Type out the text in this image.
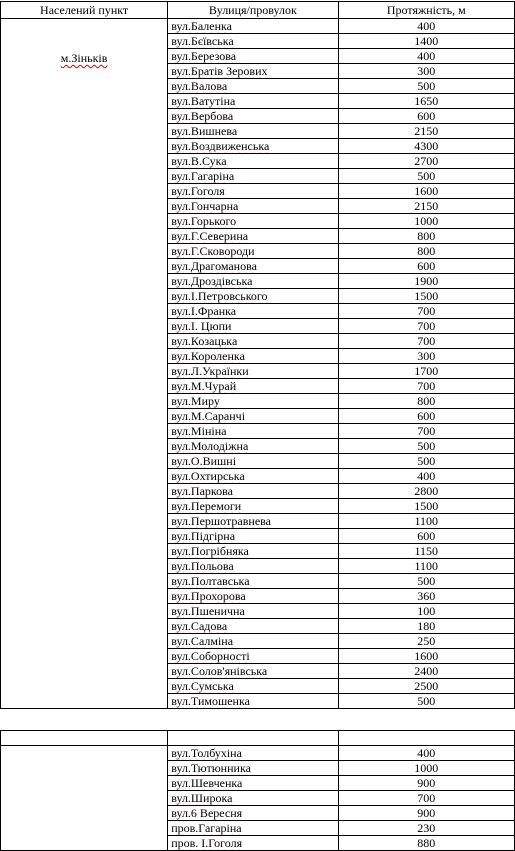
Населений пункт	Вулиця/провулок	Протяжність, м
м.Зіньків	вул.Баленка	400
	вул.Бєївська	1400
	вул.Березова	400
	вул.Братів Зерових	300
	вул.Валова	500
	вул.Ватутіна	1650
	вул.Вербова	600
	вул.Вишнева	2150
	вул.Воздвиженська	4300
	вул.В.Сука	2700
	вул.Гагаріна	500
	вул.Гоголя	1600
	вул.Гончарна	2150
	вул.Горького	1000
	вул.Г.Северина	800
	вул.Г.Сковороди	800
	вул.Драгоманова	600
	вул.Дроздівська	1900
	вул.І.Петровського	1500
	вул.І.Франка	700
	вул.І. Цюпи	700
	вул.Козацька	700
	вул.Короленка	300
	вул.Л.Українки	1700
	вул.М.Чурай	700
	вул.Миру	800
	вул.М.Саранчі	600
	вул.Мініна	700
	вул.Молодіжна	500
	вул.О.Вишні	500
	вул.Охтирська	400
	вул.Паркова	2800
	вул.Перемоги	1500
	вул.Першотравнева	1100
	вул.Підгірна	600
	вул.Погрібняка	1150
	вул.Польова	1100
	вул.Полтавська	500
	вул.Прохорова	360
	вул.Пшенична	100
	вул.Садова	180
	вул.Салміна	250
	вул.Соборності	1600
	вул.Солов'янівська	2400
	вул.Сумська	2500
	вул.Тимошенка	500

	вул.Толбухіна	400
	вул.Тютюнника	1000
	вул.Шевченка	900
	вул.Широка	700
	вул.6 Вересня	900
	пров.Гагаріна	230
	пров. І.Гоголя	880
